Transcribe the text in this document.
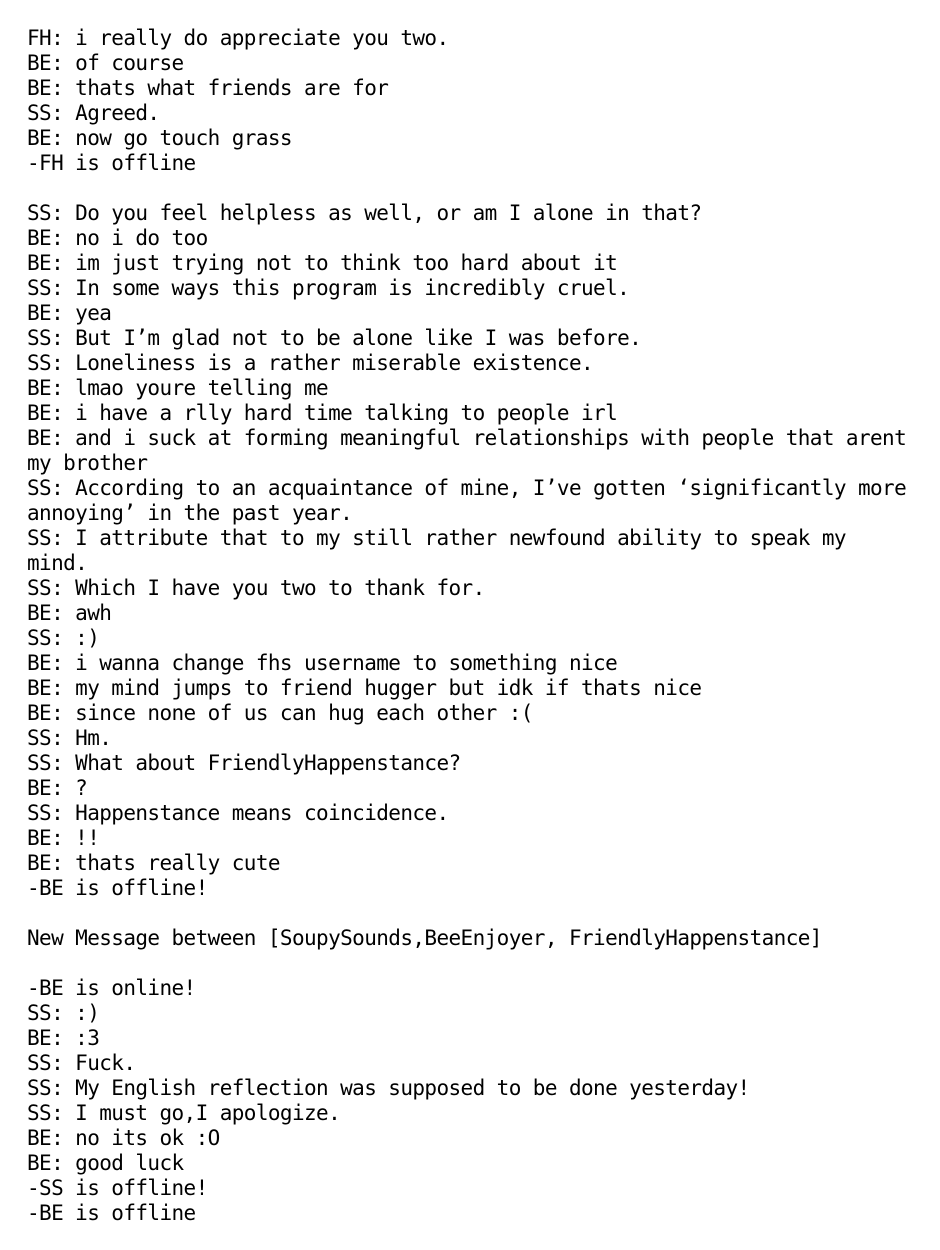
FH: i really do appreciate you two.
BE: of course
BE: thats what friends are for
SS: Agreed.
BE: now go touch grass
-FH is offline
SS: Do you feel helpless as well, or am I alone in that?
BE: no i do too
BE: im just trying not to think too hard about it
SS: In some ways this program is incredibly cruel.
BE: yea
SS: But I’m glad not to be alone like I was before.
SS: Loneliness is a rather miserable existence.
BE: lmao youre telling me
BE: i have a rlly hard time talking to people irl
BE: and i suck at forming meaningful relationships with people that arent my brother
SS: According to an acquaintance of mine, I’ve gotten ‘significantly more annoying’ in the past year.
SS: I attribute that to my still rather newfound ability to speak my mind.
SS: Which I have you two to thank for.
BE: awh
SS: :)
BE: i wanna change fhs username to something nice
BE: my mind jumps to friend hugger but idk if thats nice
BE: since none of us can hug each other :(
SS: Hm.
SS: What about FriendlyHappenstance?
BE: ?
SS: Happenstance means coincidence.
BE: !!
BE: thats really cute
-BE is offline!
New Message between [SoupySounds,BeeEnjoyer, FriendlyHappenstance]
-BE is online!
SS: :)
BE: :3
SS: Fuck.
SS: My English reflection was supposed to be done yesterday!
SS: I must go,I apologize.
BE: no its ok :O
BE: good luck
-SS is offline!
-BE is offline
